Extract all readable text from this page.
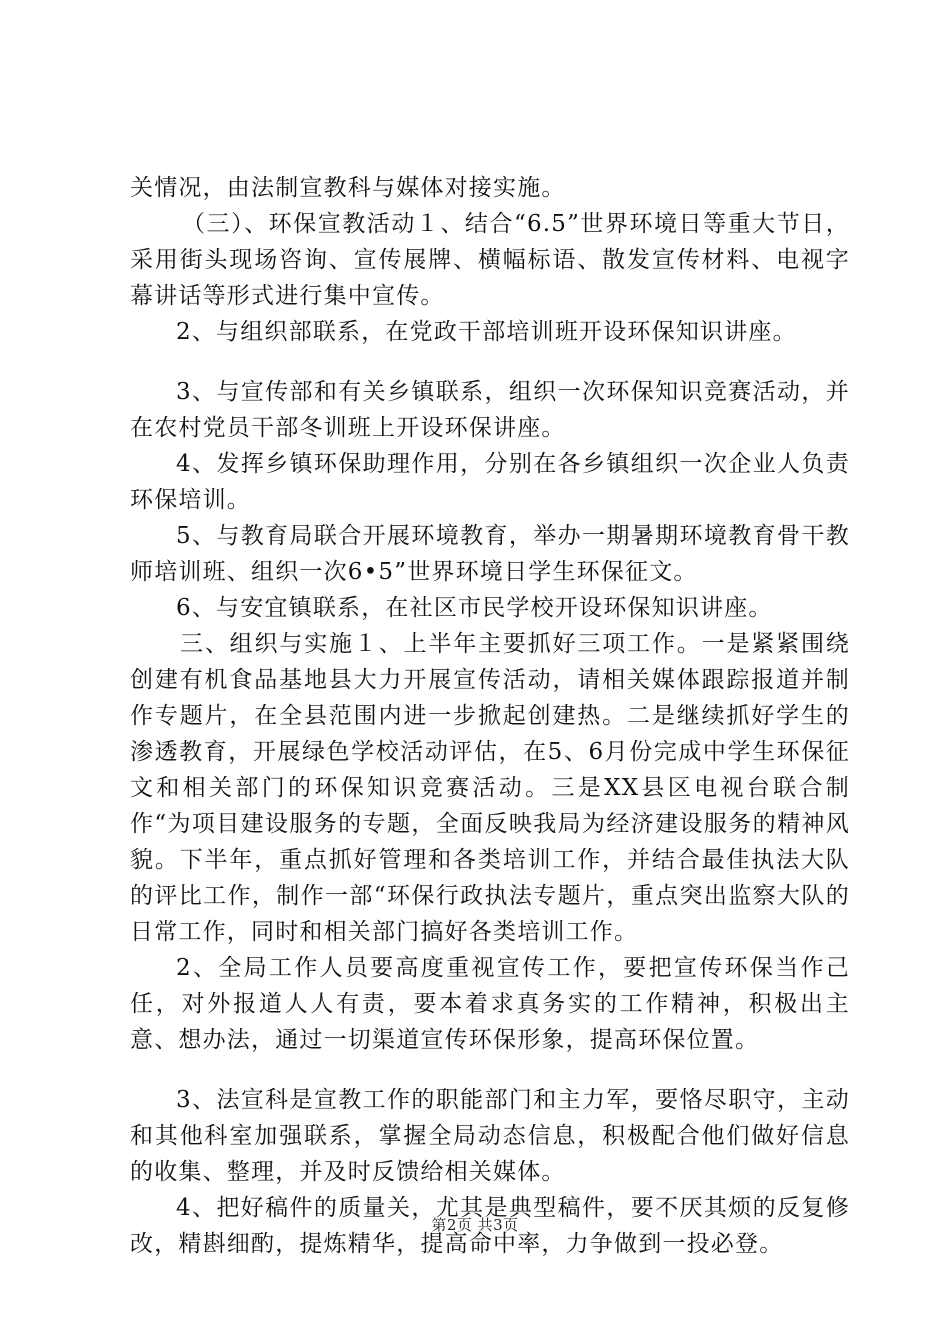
关情况，由法制宣教科与媒体对接实施。

（三）、环保宣教活动１、结合“6.5”世界环境日等重大节日，采用街头现场咨询、宣传展牌、横幅标语、散发宣传材料、电视字幕讲话等形式进行集中宣传。

2、与组织部联系，在党政干部培训班开设环保知识讲座。

3、与宣传部和有关乡镇联系，组织一次环保知识竞赛活动，并在农村党员干部冬训班上开设环保讲座。

4、发挥乡镇环保助理作用，分别在各乡镇组织一次企业人负责环保培训。

5、与教育局联合开展环境教育，举办一期暑期环境教育骨干教师培训班、组织一次6•5”世界环境日学生环保征文。

6、与安宜镇联系，在社区市民学校开设环保知识讲座。

三、组织与实施１、上半年主要抓好三项工作。一是紧紧围绕创建有机食品基地县大力开展宣传活动，请相关媒体跟踪报道并制作专题片，在全县范围内进一步掀起创建热。二是继续抓好学生的渗透教育，开展绿色学校活动评估，在5、6月份完成中学生环保征文和相关部门的环保知识竞赛活动。三是XX县区电视台联合制作“为项目建设服务的专题，全面反映我局为经济建设服务的精神风貌。下半年，重点抓好管理和各类培训工作，并结合最佳执法大队的评比工作，制作一部“环保行政执法专题片，重点突出监察大队的日常工作，同时和相关部门搞好各类培训工作。

2、全局工作人员要高度重视宣传工作，要把宣传环保当作己任，对外报道人人有责，要本着求真务实的工作精神，积极出主意、想办法，通过一切渠道宣传环保形象，提高环保位置。

3、法宣科是宣教工作的职能部门和主力军，要恪尽职守，主动和其他科室加强联系，掌握全局动态信息，积极配合他们做好信息的收集、整理，并及时反馈给相关媒体。

4、把好稿件的质量关，尤其是典型稿件，要不厌其烦的反复修改，精斟细酌，提炼精华，提高命中率，力争做到一投必登。

第2页 共3页
